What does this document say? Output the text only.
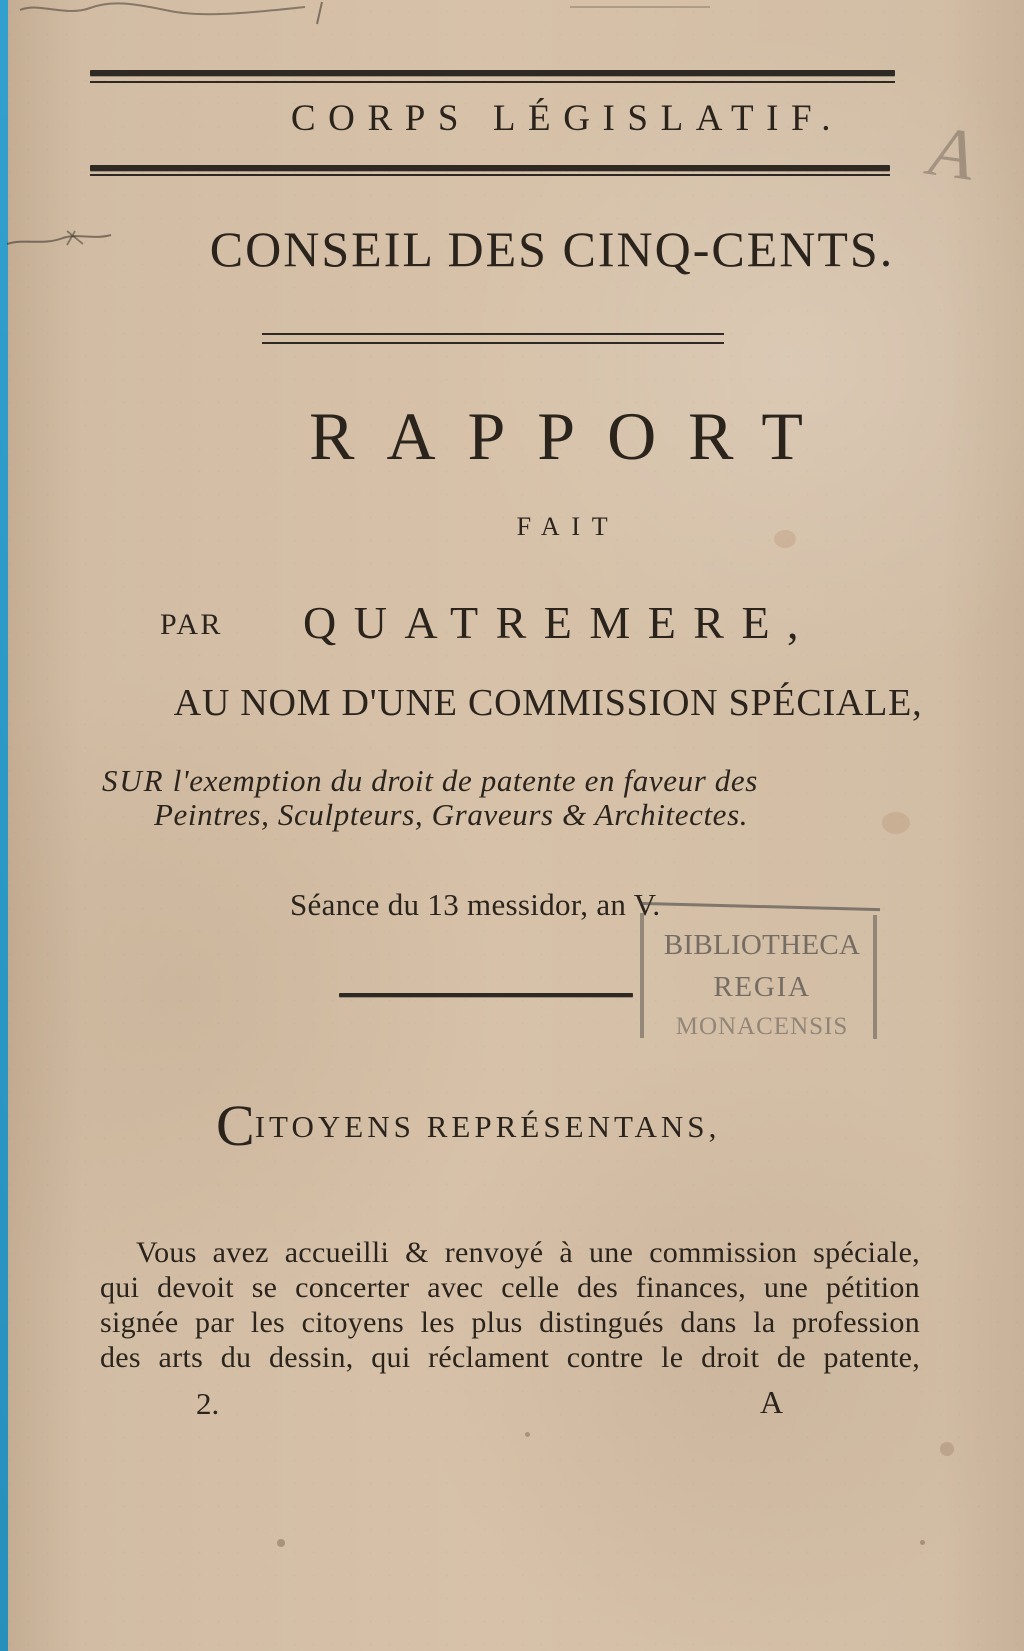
A
CORPS LÉGISLATIF.
CONSEIL DES CINQ-CENTS.
RAPPORT
FAIT
PAR QUATREMERE,
AU NOM D'UNE COMMISSION SPÉCIALE,
SUR l'exemption du droit de patente en faveur des
Peintres, Sculpteurs, Graveurs & Architectes.
Séance du 13 messidor, an V.
BIBLIOTHECA
REGIA
MONACENSIS
CITOYENS REPRÉSENTANS,
Vous avez accueilli & renvoyé à une commission spéciale,
qui devoit se concerter avec celle des finances, une pétition
signée par les citoyens les plus distingués dans la profession
des arts du dessin, qui réclament contre le droit de patente,
2.	A
